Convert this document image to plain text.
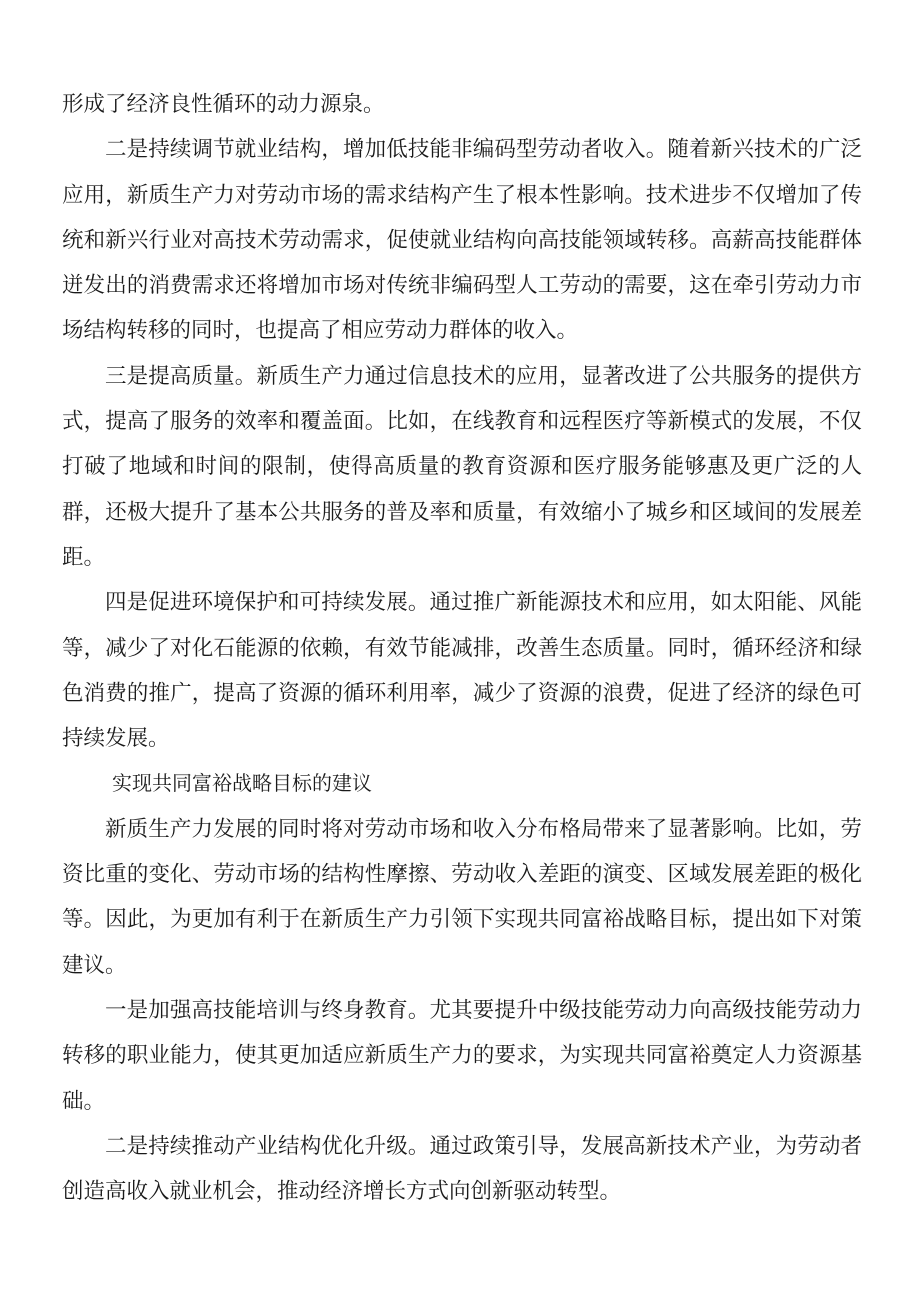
形成了经济良性循环的动力源泉。

二是持续调节就业结构，增加低技能非编码型劳动者收入。随着新兴技术的广泛应用，新质生产力对劳动市场的需求结构产生了根本性影响。技术进步不仅增加了传统和新兴行业对高技术劳动需求，促使就业结构向高技能领域转移。高薪高技能群体迸发出的消费需求还将增加市场对传统非编码型人工劳动的需要，这在牵引劳动力市场结构转移的同时，也提高了相应劳动力群体的收入。

三是提高质量。新质生产力通过信息技术的应用，显著改进了公共服务的提供方式，提高了服务的效率和覆盖面。比如，在线教育和远程医疗等新模式的发展，不仅打破了地域和时间的限制，使得高质量的教育资源和医疗服务能够惠及更广泛的人群，还极大提升了基本公共服务的普及率和质量，有效缩小了城乡和区域间的发展差距。

四是促进环境保护和可持续发展。通过推广新能源技术和应用，如太阳能、风能等，减少了对化石能源的依赖，有效节能减排，改善生态质量。同时，循环经济和绿色消费的推广，提高了资源的循环利用率，减少了资源的浪费，促进了经济的绿色可持续发展。

实现共同富裕战略目标的建议

新质生产力发展的同时将对劳动市场和收入分布格局带来了显著影响。比如，劳资比重的变化、劳动市场的结构性摩擦、劳动收入差距的演变、区域发展差距的极化等。因此，为更加有利于在新质生产力引领下实现共同富裕战略目标，提出如下对策建议。

一是加强高技能培训与终身教育。尤其要提升中级技能劳动力向高级技能劳动力转移的职业能力，使其更加适应新质生产力的要求，为实现共同富裕奠定人力资源基础。

二是持续推动产业结构优化升级。通过政策引导，发展高新技术产业，为劳动者创造高收入就业机会，推动经济增长方式向创新驱动转型。
